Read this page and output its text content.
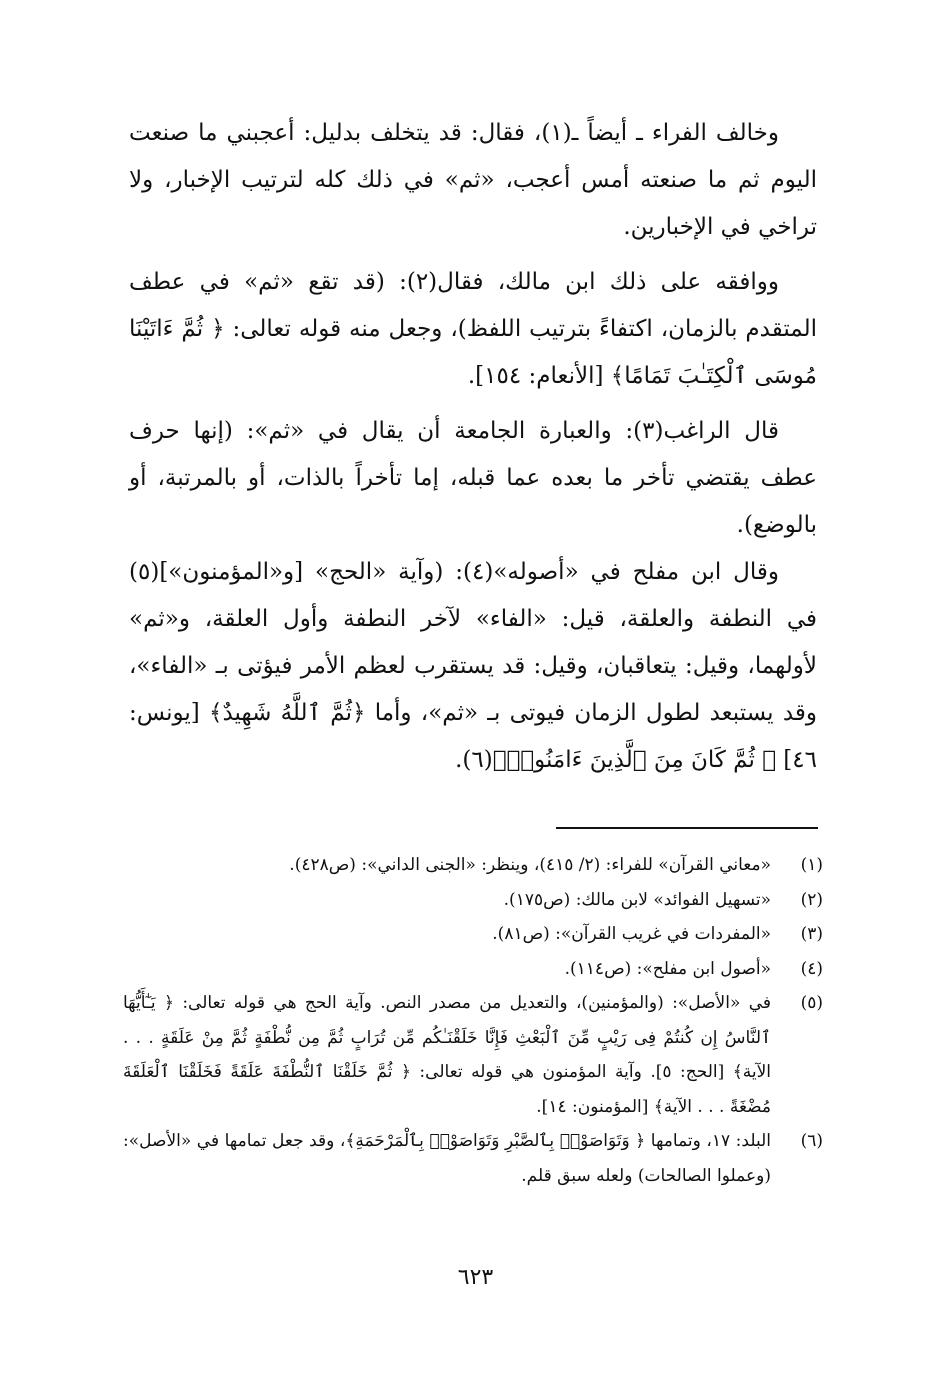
وخالف الفراء ـ أيضاً ـ(١)، فقال: قد يتخلف بدليل: أعجبني ما صنعت اليوم ثم ما صنعته أمس أعجب، «ثم» في ذلك كله لترتيب الإخبار، ولا تراخي في الإخبارين.

ووافقه على ذلك ابن مالك، فقال(٢): (قد تقع «ثم» في عطف المتقدم بالزمان، اكتفاءً بترتيب اللفظ)، وجعل منه قوله تعالى: ﴿ ثُمَّ ءَاتَيْنَا مُوسَى ٱلْكِتَـٰبَ تَمَامًا﴾ [الأنعام: ١٥٤].

قال الراغب(٣): والعبارة الجامعة أن يقال في «ثم»: (إنها حرف عطف يقتضي تأخر ما بعده عما قبله، إما تأخراً بالذات، أو بالمرتبة، أو بالوضع).

وقال ابن مفلح في «أصوله»(٤): (وآية «الحج» [و«المؤمنون»](٥) في النطفة والعلقة، قيل: «الفاء» لآخر النطفة وأول العلقة، و«ثم» لأولهما، وقيل: يتعاقبان، وقيل: قد يستقرب لعظم الأمر فيؤتى بـ «الفاء»، وقد يستبعد لطول الزمان فيوتى بـ «ثم»، وأما ﴿ثُمَّ ٱللَّهُ شَهِيدٌ﴾ [يونس: ٤٦] ﴿ ثُمَّ كَانَ مِنَ ٱلَّذِينَ ءَامَنُوا۟﴾(٦).

(١)
«معاني القرآن» للفراء: (٢/ ٤١٥)، وينظر: «الجنى الداني»: (ص٤٢٨).
(٢)
«تسهيل الفوائد» لابن مالك: (ص١٧٥).
(٣)
«المفردات في غريب القرآن»: (ص٨١).
(٤)
«أصول ابن مفلح»: (ص١١٤).
(٥)
في «الأصل»: (والمؤمنين)، والتعديل من مصدر النص. وآية الحج هي قوله تعالى: ﴿ يَـٰٓأَيُّهَا ٱلنَّاسُ إِن كُنتُمْ فِى رَيْبٍ مِّنَ ٱلْبَعْثِ فَإِنَّا خَلَقْنَـٰكُم مِّن تُرَابٍ ثُمَّ مِن نُّطْفَةٍ ثُمَّ مِنْ عَلَقَةٍ . . . الآية﴾ [الحج: ٥]. وآية المؤمنون هي قوله تعالى: ﴿ ثُمَّ خَلَقْنَا ٱلنُّطْفَةَ عَلَقَةً فَخَلَقْنَا ٱلْعَلَقَةَ مُضْغَةً . . . الآية﴾ [المؤمنون: ١٤].
(٦)
البلد: ١٧، وتمامها ﴿ وَتَوَاصَوْا۟ بِٱلصَّبْرِ وَتَوَاصَوْا۟ بِٱلْمَرْحَمَةِ﴾، وقد جعل تمامها في «الأصل»: (وعملوا الصالحات) ولعله سبق قلم.
٦٢٣
